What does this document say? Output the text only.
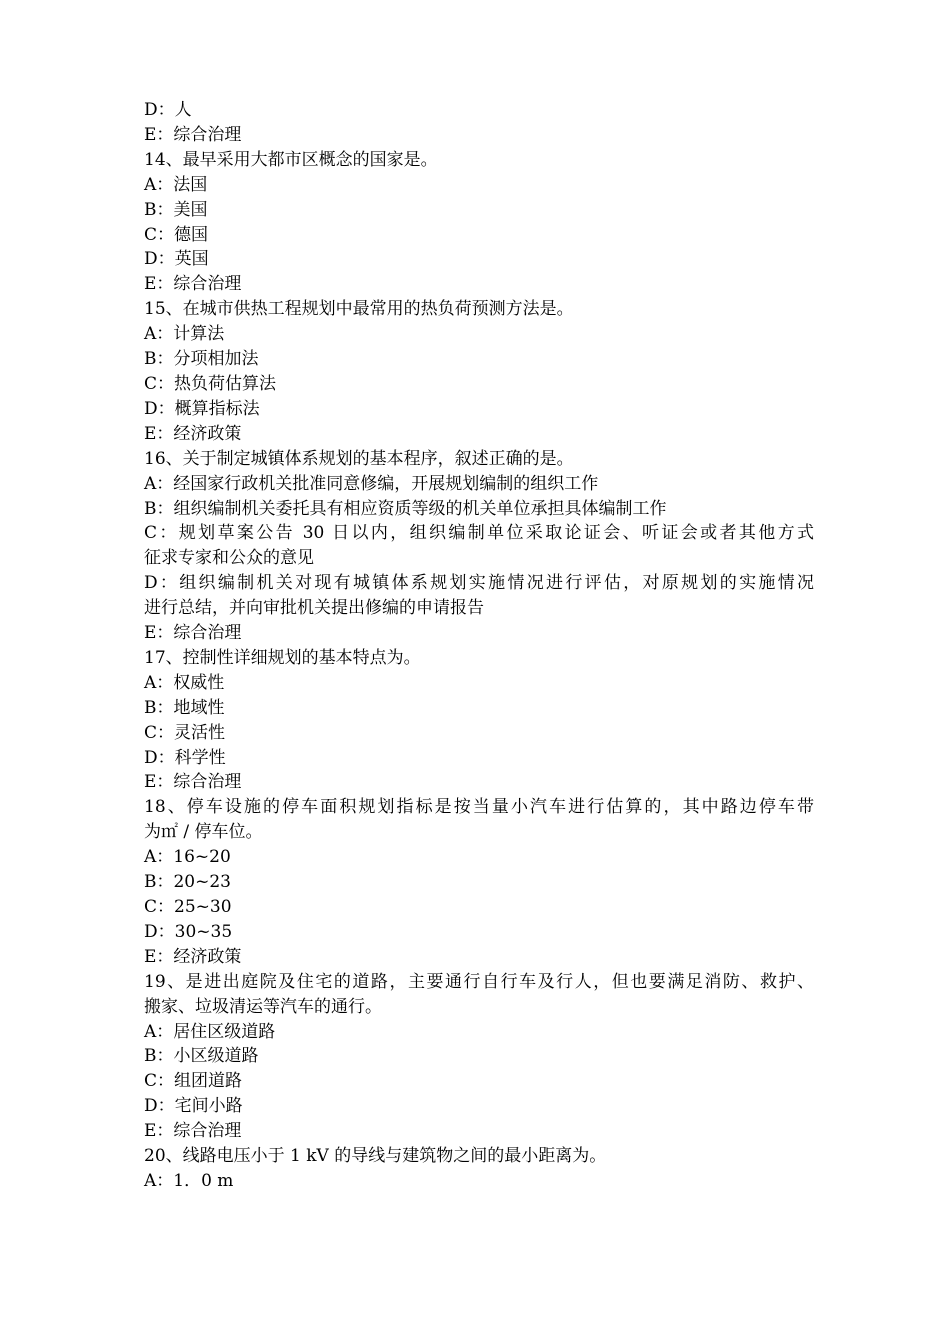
D：人
E：综合治理
14、最早采用大都市区概念的国家是。
A：法国
B：美国
C：德国
D：英国
E：综合治理
15、在城市供热工程规划中最常用的热负荷预测方法是。
A：计算法
B：分项相加法
C：热负荷估算法
D：概算指标法
E：经济政策
16、关于制定城镇体系规划的基本程序，叙述正确的是。
A：经国家行政机关批准同意修编，开展规划编制的组织工作
B：组织编制机关委托具有相应资质等级的机关单位承担具体编制工作
C：规划草案公告 30 日以内，组织编制单位采取论证会、听证会或者其他方式
征求专家和公众的意见
D：组织编制机关对现有城镇体系规划实施情况进行评估，对原规划的实施情况
进行总结，并向审批机关提出修编的申请报告
E：综合治理
17、控制性详细规划的基本特点为。
A：权威性
B：地域性
C：灵活性
D：科学性
E：综合治理
18、停车设施的停车面积规划指标是按当量小汽车进行估算的，其中路边停车带
为㎡ / 停车位。
A：16~20
B：20~23
C：25~30
D：30~35
E：经济政策
19、是进出庭院及住宅的道路，主要通行自行车及行人，但也要满足消防、救护、
搬家、垃圾清运等汽车的通行。
A：居住区级道路
B：小区级道路
C：组团道路
D：宅间小路
E：综合治理
20、线路电压小于 1 kV 的导线与建筑物之间的最小距离为。
A：1．0 m
